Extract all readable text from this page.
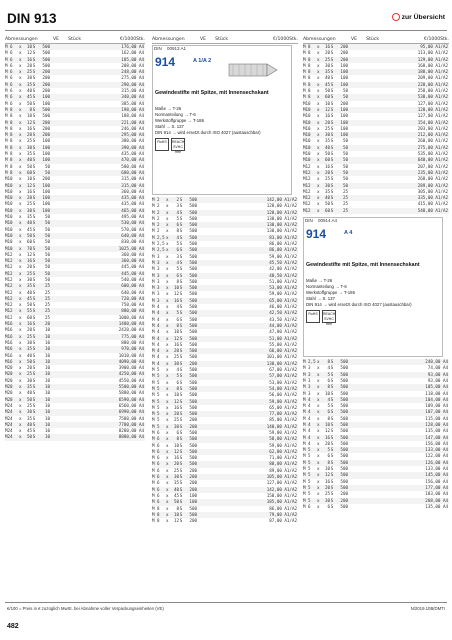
DIN 913	zur Übersicht
Abmessungen	VE	Stück	€/1000Stk.
M 6	x	10 S	500	176,00 A4
M 6	x	12 S	500	162,00 A4
M 6	x	16 S	500	185,00 A4
M 6	x	20 S	500	208,00 A4
M 6	x	25 S	200	248,00 A4
M 6	x	30 S	200	275,00 A4
M 6	x	35 S	200	290,00 A4
M 6	x	40 S	200	315,00 A4
M 6	x	45 S	100	340,00 A4
M 6	x	50 S	100	385,00 A4
M 8	x	8 S	500	198,00 A4
M 8	x	10 S	500	188,00 A4
M 8	x	12 S	200	221,00 A4
M 8	x	16 S	200	246,00 A4
M 8	x	20 S	200	295,00 A4
M 8	x	25 S	100	380,00 A4
M 8	x	30 S	100	390,00 A4
M 8	x	35 S	100	435,00 A4
M 8	x	40 S	100	470,00 A4
M 8	x	50 S	50	580,00 A4
M 8	x	60 S	50	680,00 A4
M10	x	10 S	200	315,00 A4
M10	x	12 S	100	315,00 A4
M10	x	16 S	100	360,00 A4
M10	x	20 S	100	435,00 A4
M10	x	25 S	100	435,00 A4
M10	x	30 S	100	465,00 A4
M10	x	35 S	50	495,00 A4
M10	x	40 S	50	530,00 A4
M10	x	45 S	50	570,00 A4
M10	x	50 S	50	640,00 A4
M10	x	60 S	50	830,00 A4
M10	x	70 S	50	1025,00 A4
M12	x	12 S	50	360,00 A4
M12	x	16 S	50	360,00 A4
M12	x	20 S	50	445,00 A4
M12	x	25 S	50	445,00 A4
M12	x	30 S	50	540,00 A4
M12	x	35 S	25	600,00 A4
M12	x	40 S	25	640,00 A4
M12	x	45 S	25	720,00 A4
M12	x	50 S	25	750,00 A4
M12	x	55 S	25	880,00 A4
M12	x	60 S	25	1000,00 A4
M16	x	16 S	20	1480,00 A4
M16	x	20 S	10	2420,00 A4
M16	x	25 S	10	775,00 A4
M16	x	30 S	10	880,00 A4
M16	x	35 S	10	970,00 A4
M16	x	40 S	10	1010,00 A4
M16	x	50 S	10	4090,00 A4
M20	x	20 S	10	3900,00 A4
M20	x	25 S	10	4250,00 A4
M20	x	30 S	10	4550,00 A4
M20	x	35 S	10	5500,00 A4
M20	x	40 S	10	5880,00 A4
M20	x	50 S	10	6590,00 A4
M24	x	25 S	10	6560,00 A4
M24	x	30 S	10	6990,00 A4
M24	x	35 S	10	7580,00 A4
M24	x	40 S	10	7780,00 A4
M24	x	45 S	10	8280,00 A4
M24	x	50 S	10	8880,00 A4
Abmessungen	VE	Stück	€/1000Stk.
DIN 00913 A1
914	A 1/A 2
Gewindestifte mit Spitze, mit Innensechskant
Maße → T-26
Normanteilung → T-6
Werkstoffgruppe → T-186
Stahl → S. 137
DIN 914 → wird ersetzt durch ISO 4027 (austauschbar)
RoHS	REACH SVHC free
M 2	x	2 S	500	142,00 A1/A2
M 2	x	3 S	500	128,00 A1/A2
M 2	x	4 S	500	128,00 A1/A2
M 2	x	5 S	500	130,00 A1/A2
M 2	x	6 S	500	130,00 A1/A2
M 2	x	8 S	500	130,00 A1/A2
M 2,5 x	4 S	500	83,00 A1/A2
M 2,5 x	5 S	500	86,00 A1/A2
M 2,5 x	6 S	500	86,00 A1/A2
M 3	x	3 S	500	59,00 A1/A2
M 3	x	4 S	500	45,50 A1/A2
M 3	x	5 S	500	42,00 A1/A2
M 3	x	6 S	500	48,50 A1/A2
M 3	x	8 S	500	51,00 A1/A2
M 3	x	10 S	500	53,00 A1/A2
M 3	x	12 S	500	59,00 A1/A2
M 3	x	16 S	500	65,00 A1/A2
M 4	x	4 S	500	46,00 A1/A2
M 4	x	5 S	500	42,50 A1/A2
M 4	x	6 S	500	43,50 A1/A2
M 4	x	8 S	500	44,00 A1/A2
M 4	x	10 S	500	47,00 A1/A2
M 4	x	12 S	500	51,00 A1/A2
M 4	x	16 S	500	55,00 A1/A2
M 4	x	20 S	500	66,00 A1/A2
M 4	x	25 S	500	101,00 A1/A2
M 4	x	30 S	200	130,00 A1/A2
M 5	x	4 S	500	67,00 A1/A2
M 5	x	5 S	500	57,00 A1/A2
M 5	x	6 S	500	53,00 A1/A2
M 5	x	8 S	500	54,00 A1/A2
M 5	x	10 S	500	56,00 A1/A2
M 5	x	12 S	500	59,00 A1/A2
M 5	x	16 S	500	65,00 A1/A2
M 5	x	20 S	500	77,00 A1/A2
M 5	x	25 S	200	85,00 A1/A2
M 5	x	30 S	200	140,00 A1/A2
M 6	x	6 S	500	59,00 A1/A2
M 6	x	8 S	500	58,00 A1/A2
M 6	x	10 S	500	59,00 A1/A2
M 6	x	12 S	500	62,00 A1/A2
M 6	x	16 S	500	71,00 A1/A2
M 6	x	20 S	500	80,00 A1/A2
M 6	x	25 S	200	89,00 A1/A2
M 6	x	30 S	200	105,00 A1/A2
M 6	x	35 S	200	127,00 A1/A2
M 6	x	40 S	200	142,00 A1/A2
M 6	x	45 S	100	150,00 A1/A2
M 6	x	50 S	100	185,00 A1/A2
M 8	x	8 S	500	86,00 A1/A2
M 8	x	10 S	500	79,00 A1/A2
M 8	x	12 S	200	87,00 A1/A2
Abmessungen	VE	Stück	€/1000Stk.
M 8	x	16 S	200	95,00 A1/A2
M 8	x	20 S	200	113,00 A1/A2
M 8	x	25 S	200	129,00 A1/A2
M 8	x	30 S	100	168,00 A1/A2
M 8	x	35 S	100	188,00 A1/A2
M 8	x	40 S	100	209,00 A1/A2
M 8	x	45 S	100	228,00 A1/A2
M 8	x	50 S	50	258,00 A1/A2
M 8	x	60 S	50	538,00 A1/A2
M10	x	10 S	200	127,00 A1/A2
M10	x	12 S	100	120,00 A1/A2
M10	x	16 S	100	127,00 A1/A2
M10	x	20 S	100	154,00 A1/A2
M10	x	25 S	100	203,00 A1/A2
M10	x	30 S	100	212,00 A1/A2
M10	x	35 S	50	260,00 A1/A2
M10	x	40 S	50	275,00 A1/A2
M10	x	50 S	50	535,00 A1/A2
M10	x	60 S	50	640,00 A1/A2
M12	x	16 S	50	207,00 A1/A2
M12	x	20 S	50	235,00 A1/A2
M12	x	25 S	50	268,00 A1/A2
M12	x	30 S	50	289,00 A1/A2
M12	x	35 S	25	305,00 A1/A2
M12	x	40 S	25	335,00 A1/A2
M12	x	50 S	25	415,00 A1/A2
M12	x	60 S	25	548,00 A1/A2
DIN 00914 A4
914	A 4
Gewindestifte mit Spitze, mit Innensechskant
Maße → T-26
Normanteilung → T-6
Werkstoffgruppe → T-186
Stahl → S. 137
DIN 914 → wird ersetzt durch ISO 4027 (austauschbar)
RoHS	REACH SVHC free
M 2,5 x	8 S	500	240,00 A4
M 3	x	4 S	500	74,00 A4
M 3	x	5 S	500	93,00 A4
M 3	x	6 S	500	93,00 A4
M 3	x	8 S	500	105,00 A4
M 3	x	10 S	500	118,00 A4
M 4	x	4 S	500	104,00 A4
M 4	x	5 S	500	109,00 A4
M 4	x	6 S	500	107,00 A4
M 4	x	8 S	500	115,00 A4
M 4	x	10 S	500	128,00 A4
M 4	x	12 S	500	135,00 A4
M 4	x	16 S	500	147,00 A4
M 4	x	20 S	500	156,00 A4
M 5	x	5 S	500	133,00 A4
M 5	x	6 S	500	122,00 A4
M 5	x	8 S	500	126,00 A4
M 5	x	10 S	500	133,00 A4
M 5	x	12 S	500	145,00 A4
M 5	x	16 S	500	156,00 A4
M 5	x	20 S	500	177,00 A4
M 5	x	25 S	200	183,00 A4
M 5	x	30 S	200	208,00 A4
M 6	x	6 S	500	135,00 A4
€/100 = Preis in € zuzüglich MwSt. bei Abnahme voller Verpackungseinheiten (VE)	N/2019.10B/DMTI
482
